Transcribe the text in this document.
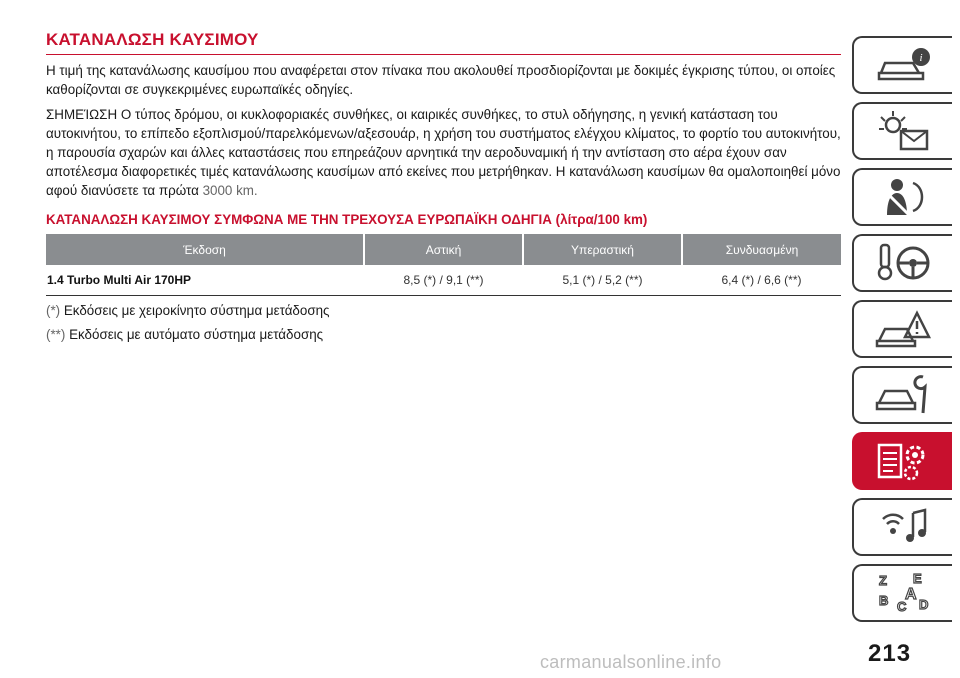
ΚΑΤΑΝΑΛΩΣΗ ΚΑΥΣΙΜΟΥ

Η τιμή της κατανάλωσης καυσίμου που αναφέρεται στον πίνακα που ακολουθεί προσδιορίζονται με δοκιμές έγκρισης τύπου, οι οποίες καθορίζονται σε συγκεκριμένες ευρωπαϊκές οδηγίες.

ΣΗΜΕΊΩΣΗ Ο τύπος δρόμου, οι κυκλοφοριακές συνθήκες, οι καιρικές συνθήκες, το στυλ οδήγησης, η γενική κατάσταση του αυτοκινήτου, το επίπεδο εξοπλισμού/παρελκόμενων/αξεσουάρ, η χρήση του συστήματος ελέγχου κλίματος, το φορτίο του αυτοκινήτου, η παρουσία σχαρών και άλλες καταστάσεις που επηρεάζουν αρνητικά την αεροδυναμική ή την αντίσταση στο αέρα έχουν σαν αποτέλεσμα διαφορετικές τιμές κατανάλωσης καυσίμων από εκείνες που μετρήθηκαν. Η κατανάλωση καυσίμων θα ομαλοποιηθεί μόνο αφού διανύσετε τα πρώτα 3000 km.

ΚΑΤΑΝΑΛΩΣΗ ΚΑΥΣΙΜΟΥ ΣΥΜΦΩΝΑ ΜΕ ΤΗΝ ΤΡΕΧΟΥΣΑ ΕΥΡΩΠΑΪΚΗ ΟΔΗΓΙΑ (λίτρα/100 km)
Έκδοση	Αστική	Υπεραστική	Συνδυασμένη
1.4 Turbo Multi Air 170HP	8,5 (*) / 9,1 (**)	5,1 (*) / 5,2 (**)	6,4 (*) / 6,6 (**)

(*) Εκδόσεις με χειροκίνητο σύστημα μετάδοσης

(**) Εκδόσεις με αυτόματο σύστημα μετάδοσης

i
Z E
B C
A
D
213
carmanualsonline.info
